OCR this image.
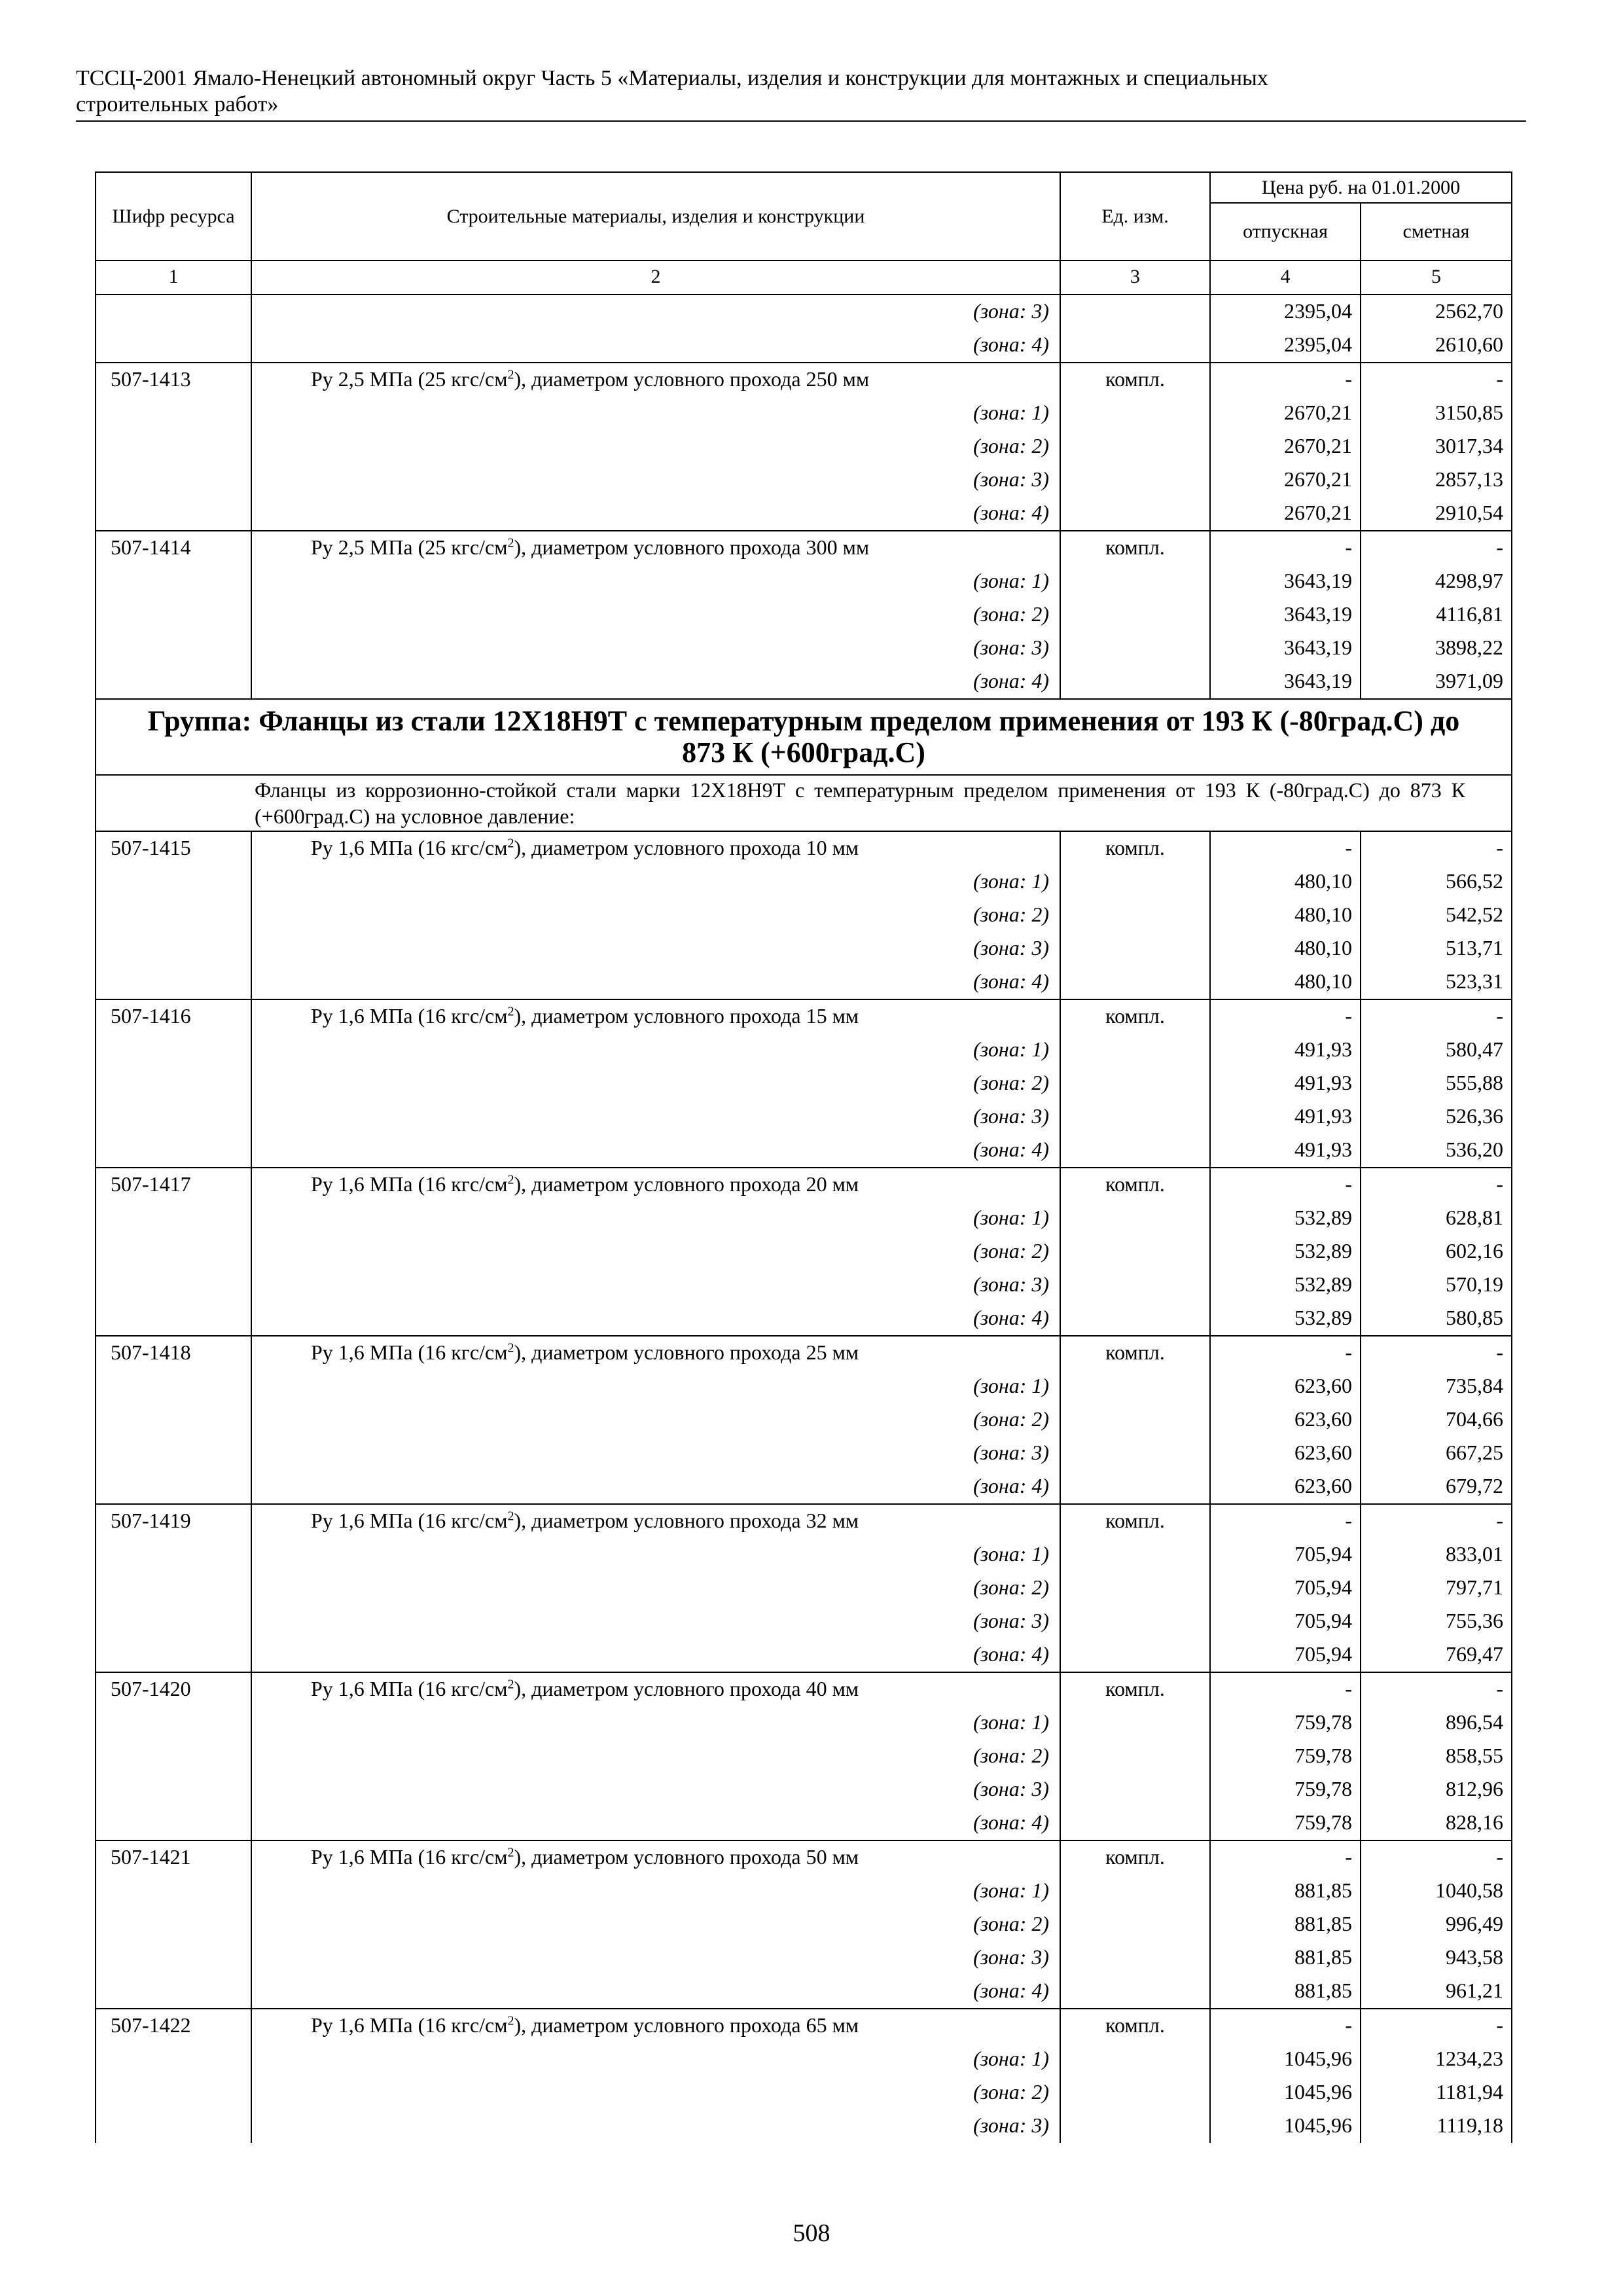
ТССЦ-2001 Ямало-Ненецкий автономный округ Часть 5 «Материалы, изделия и конструкции для монтажных и специальных
строительных работ»
Шифр ресурса	Строительные материалы, изделия и конструкции	Ед. изм.	Цена руб. на 01.01.2000	
			отпускная	сметная
1	2	3	4	5
	(зона: 3)		2395,04	2562,70
	(зона: 4)		2395,04	2610,60
507-1413	Ру 2,5 МПа (25 кгс/$см^2$), диаметром условного прохода 250 мм	компл.	-	-
	(зона: 1)		2670,21	3150,85
	(зона: 2)		2670,21	3017,34
	(зона: 3)		2670,21	2857,13
	(зона: 4)		2670,21	2910,54
507-1414	Ру 2,5 МПа (25 кгс/$см^2$), диаметром условного прохода 300 мм	компл.	-	-
	(зона: 1)		3643,19	4298,97
	(зона: 2)		3643,19	4116,81
	(зона: 3)		3643,19	3898,22
	(зона: 4)		3643,19	3971,09
Группа: Фланцы из стали 12Х18Н9Т с температурным пределом применения от 193 К (-80град.С) до 873 К (+600град.С)				
Фланцы из коррозионно-стойкой стали марки 12Х18Н9Т с температурным пределом применения от 193 К (-80град.С) до 873 К (+600град.С) на условное давление:				
507-1415	Ру 1,6 МПа (16 кгс/$см^2$), диаметром условного прохода 10 мм	компл.	-	-
	(зона: 1)		480,10	566,52
	(зона: 2)		480,10	542,52
	(зона: 3)		480,10	513,71
	(зона: 4)		480,10	523,31
507-1416	Ру 1,6 МПа (16 кгс/$см^2$), диаметром условного прохода 15 мм	компл.	-	-
	(зона: 1)		491,93	580,47
	(зона: 2)		491,93	555,88
	(зона: 3)		491,93	526,36
	(зона: 4)		491,93	536,20
507-1417	Ру 1,6 МПа (16 кгс/$см^2$), диаметром условного прохода 20 мм	компл.	-	-
	(зона: 1)		532,89	628,81
	(зона: 2)		532,89	602,16
	(зона: 3)		532,89	570,19
	(зона: 4)		532,89	580,85
507-1418	Ру 1,6 МПа (16 кгс/$см^2$), диаметром условного прохода 25 мм	компл.	-	-
	(зона: 1)		623,60	735,84
	(зона: 2)		623,60	704,66
	(зона: 3)		623,60	667,25
	(зона: 4)		623,60	679,72
507-1419	Ру 1,6 МПа (16 кгс/$см^2$), диаметром условного прохода 32 мм	компл.	-	-
	(зона: 1)		705,94	833,01
	(зона: 2)		705,94	797,71
	(зона: 3)		705,94	755,36
	(зона: 4)		705,94	769,47
507-1420	Ру 1,6 МПа (16 кгс/$см^2$), диаметром условного прохода 40 мм	компл.	-	-
	(зона: 1)		759,78	896,54
	(зона: 2)		759,78	858,55
	(зона: 3)		759,78	812,96
	(зона: 4)		759,78	828,16
507-1421	Ру 1,6 МПа (16 кгс/$см^2$), диаметром условного прохода 50 мм	компл.	-	-
	(зона: 1)		881,85	1040,58
	(зона: 2)		881,85	996,49
	(зона: 3)		881,85	943,58
	(зона: 4)		881,85	961,21
507-1422	Ру 1,6 МПа (16 кгс/$см^2$), диаметром условного прохода 65 мм	компл.	-	-
	(зона: 1)		1045,96	1234,23
	(зона: 2)		1045,96	1181,94
	(зона: 3)		1045,96	1119,18
508
